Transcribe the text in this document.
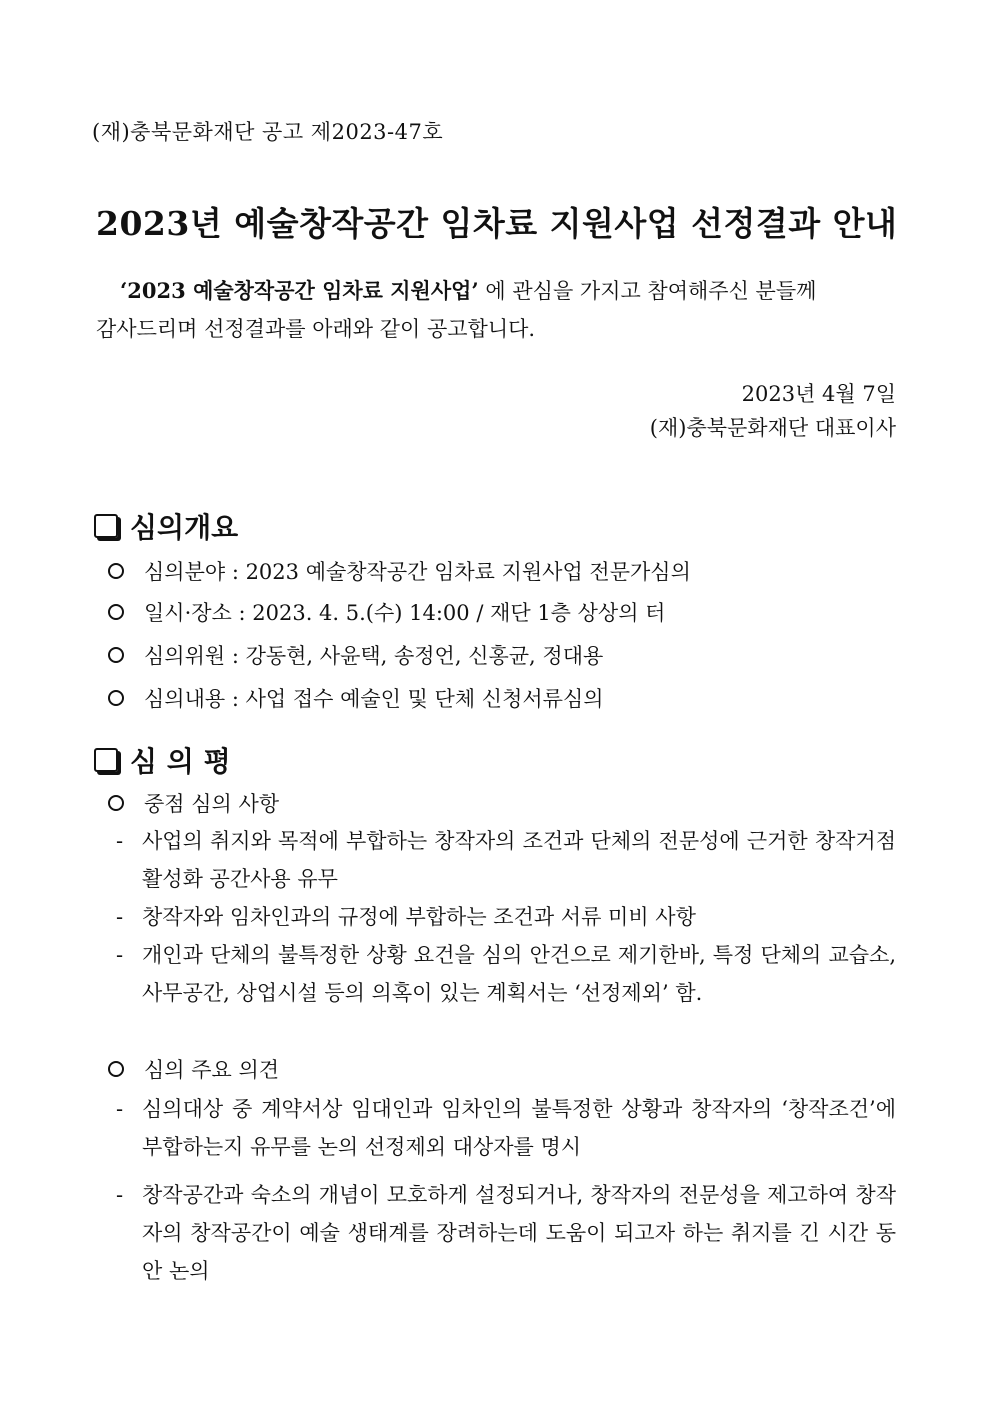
(재)충북문화재단 공고 제2023-47호
2023년 예술창작공간 임차료 지원사업 선정결과 안내
‘2023 예술창작공간 임차료 지원사업’ 에 관심을 가지고 참여해주신 분들께
감사드리며 선정결과를 아래와 같이 공고합니다.
2023년 4월 7일
(재)충북문화재단 대표이사
심의개요
심의분야 : 2023 예술창작공간 임차료 지원사업 전문가심의
일시·장소 : 2023. 4. 5.(수) 14:00 / 재단 1층 상상의 터
심의위원 : 강동현, 사윤택, 송정언, 신홍균, 정대용
심의내용 : 사업 접수 예술인 및 단체 신청서류심의
심 의 평
중점 심의 사항
- 사업의 취지와 목적에 부합하는 창작자의 조건과 단체의 전문성에 근거한 창작거점 활성화 공간사용 유무
- 창작자와 임차인과의 규정에 부합하는 조건과 서류 미비 사항
- 개인과 단체의 불특정한 상황 요건을 심의 안건으로 제기한바, 특정 단체의 교습소, 사무공간, 상업시설 등의 의혹이 있는 계획서는 ‘선정제외’ 함.
심의 주요 의견
- 심의대상 중 계약서상 임대인과 임차인의 불특정한 상황과 창작자의 ‘창작조건’에 부합하는지 유무를 논의 선정제외 대상자를 명시
- 창작공간과 숙소의 개념이 모호하게 설정되거나, 창작자의 전문성을 제고하여 창작자의 창작공간이 예술 생태계를 장려하는데 도움이 되고자 하는 취지를 긴 시간 동안 논의
